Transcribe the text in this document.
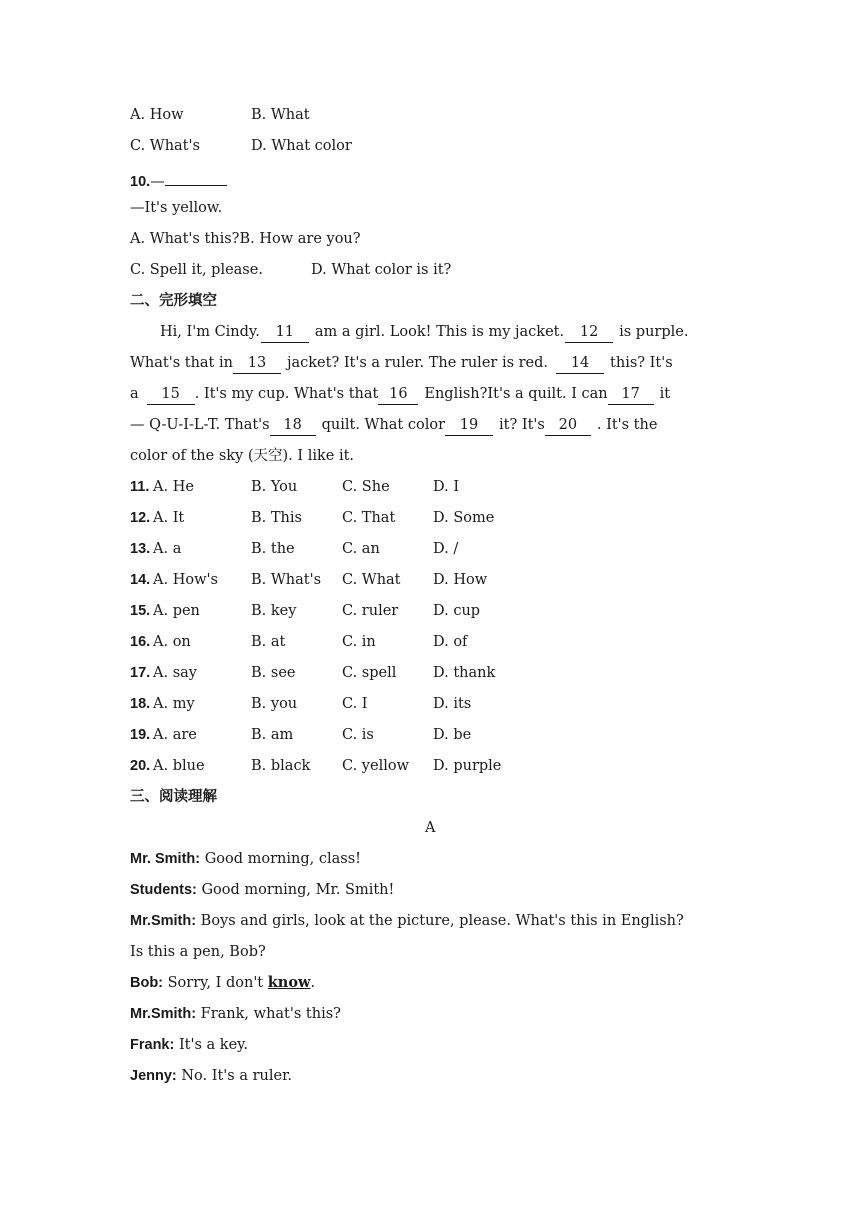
A. How	B. What
C. What's	D. What color
10.—
—It's yellow.
A. What's this?B. How are you?
C. Spell it, please.	D. What color is it?
二、完形填空
Hi, I'm Cindy. 11 am a girl. Look! This is my jacket. 12 is purple.
What's that in 13 jacket? It's a ruler. The ruler is red. 14 this? It's
a 15 . It's my cup. What's that 16 English?It's a quilt. I can 17 it
— Q-U-I-L-T. That's 18 quilt. What color 19 it? It's 20 . It's the
color of the sky (天空). I like it.
11. A. He	B. You	C. She	D. I
12. A. It	B. This	C. That	D. Some
13. A. a	B. the	C. an	D. /
14. A. How's B. What's C. What D. How
15. A. pen	B. key	C. ruler D. cup
16. A. on	B. at	C. in	D. of
17. A. say	B. see	C. spell	D. thank
18. A. my	B. you	C. I	D. its
19. A. are	B. am	C. is	D. be
20. A. blue	B. black C. yellow D. purple
三、阅读理解
A
Mr. Smith: Good morning, class!
Students: Good morning, Mr. Smith!
Mr.Smith: Boys and girls, look at the picture, please. What's this in English?
Is this a pen, Bob?
Bob: Sorry, I don't know.
Mr.Smith: Frank, what's this?
Frank: It's a key.
Jenny: No. It's a ruler.
